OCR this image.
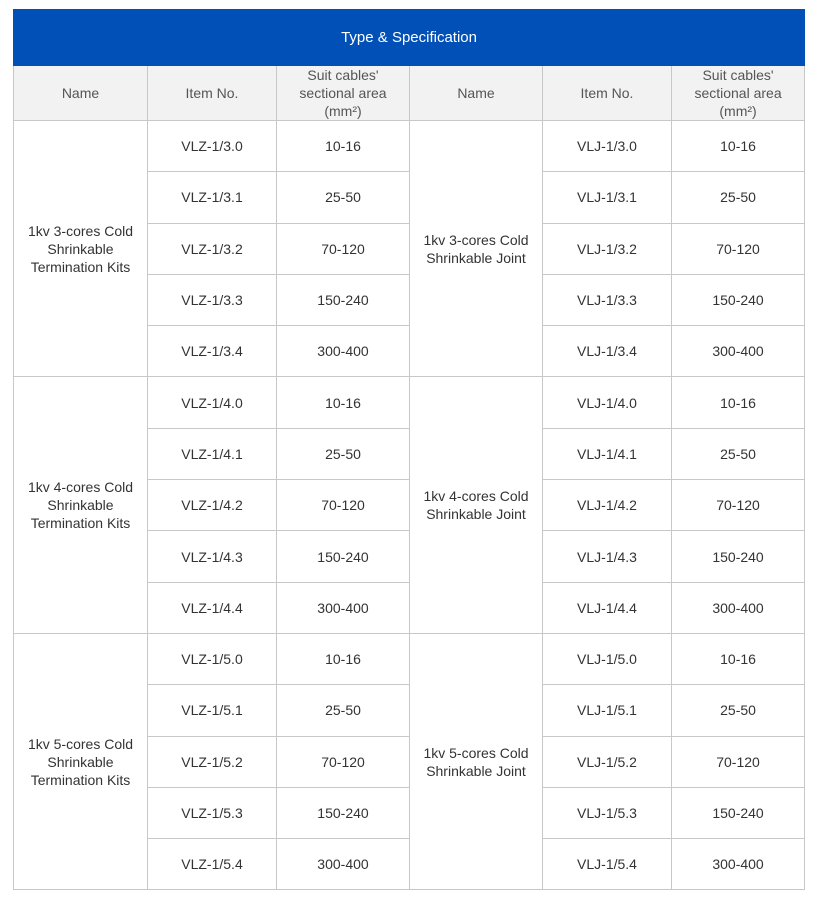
Type & Specification					
Name	Item No.	Suit cables' sectional area (mm²)	Name	Item No.	Suit cables' sectional area (mm²)
1kv 3-cores Cold Shrinkable Termination Kits	VLZ-1/3.0	10-16	1kv 3-cores Cold Shrinkable Joint	VLJ-1/3.0	10-16
	VLZ-1/3.1	25-50		VLJ-1/3.1	25-50
	VLZ-1/3.2	70-120		VLJ-1/3.2	70-120
	VLZ-1/3.3	150-240		VLJ-1/3.3	150-240
	VLZ-1/3.4	300-400		VLJ-1/3.4	300-400
1kv 4-cores Cold Shrinkable Termination Kits	VLZ-1/4.0	10-16	1kv 4-cores Cold Shrinkable Joint	VLJ-1/4.0	10-16
	VLZ-1/4.1	25-50		VLJ-1/4.1	25-50
	VLZ-1/4.2	70-120		VLJ-1/4.2	70-120
	VLZ-1/4.3	150-240		VLJ-1/4.3	150-240
	VLZ-1/4.4	300-400		VLJ-1/4.4	300-400
1kv 5-cores Cold Shrinkable Termination Kits	VLZ-1/5.0	10-16	1kv 5-cores Cold Shrinkable Joint	VLJ-1/5.0	10-16
	VLZ-1/5.1	25-50		VLJ-1/5.1	25-50
	VLZ-1/5.2	70-120		VLJ-1/5.2	70-120
	VLZ-1/5.3	150-240		VLJ-1/5.3	150-240
	VLZ-1/5.4	300-400		VLJ-1/5.4	300-400
